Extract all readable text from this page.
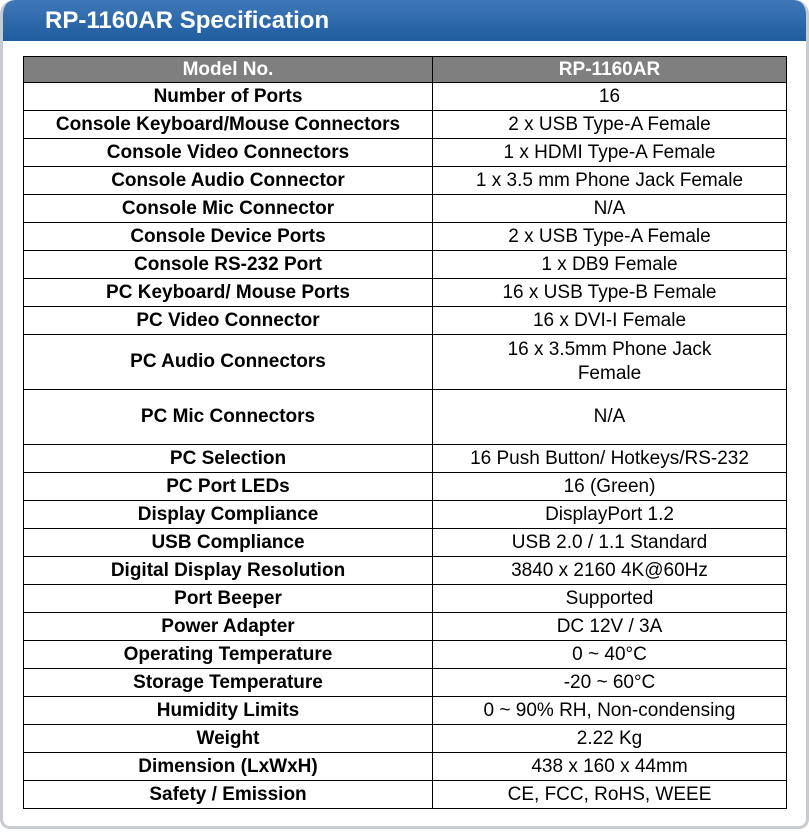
RP-1160AR Specification
Model No.	RP-1160AR
Number of Ports	16
Console Keyboard/Mouse Connectors	2 x USB Type-A Female
Console Video Connectors	1 x HDMI Type-A Female
Console Audio Connector	1 x 3.5 mm Phone Jack Female
Console Mic Connector	N/A
Console Device Ports	2 x USB Type-A Female
Console RS-232 Port	1 x DB9 Female
PC Keyboard/ Mouse Ports	16 x USB Type-B Female
PC Video Connector	16 x DVI-I Female
PC Audio Connectors	16 x 3.5mm Phone Jack Female
PC Mic Connectors	N/A
PC Selection	16 Push Button/ Hotkeys/RS-232
PC Port LEDs	16 (Green)
Display Compliance	DisplayPort 1.2
USB Compliance	USB 2.0 / 1.1 Standard
Digital Display Resolution	3840 x 2160 4K@60Hz
Port Beeper	Supported
Power Adapter	DC 12V / 3A
Operating Temperature	0 ~ 40°C
Storage Temperature	-20 ~ 60°C
Humidity Limits	0 ~ 90% RH, Non-condensing
Weight	2.22 Kg
Dimension (LxWxH)	438 x 160 x 44mm
Safety / Emission	CE, FCC, RoHS, WEEE
